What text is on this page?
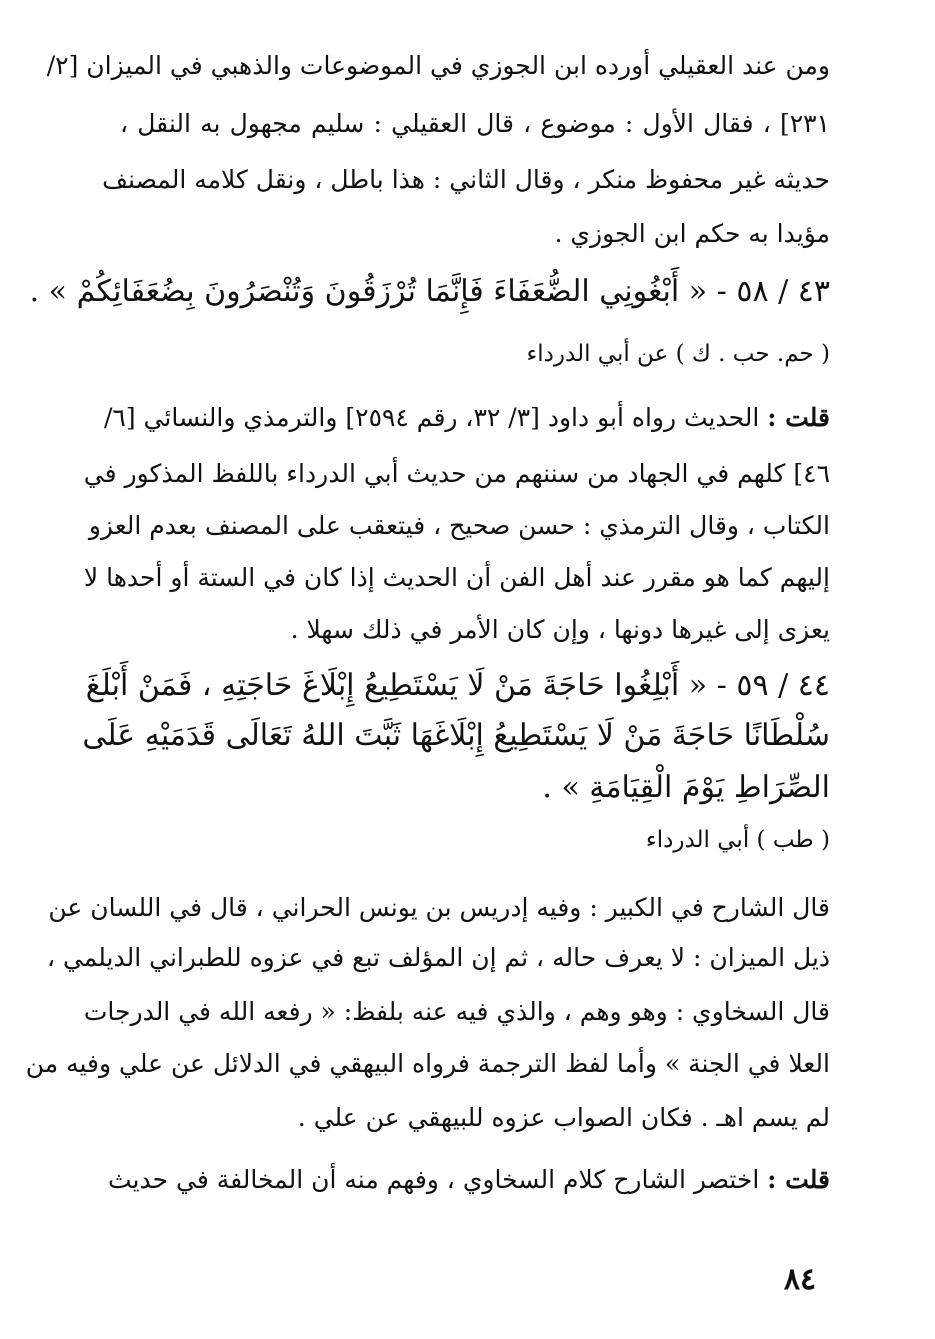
ومن عند العقيلي أورده ابن الجوزي في الموضوعات والذهبي في الميزان [٢/
٢٣١] ، فقال الأول : موضوع ، قال العقيلي : سليم مجهول به النقل ،
حديثه غير محفوظ منكر ، وقال الثاني : هذا باطل ، ونقل كلامه المصنف
مؤيدا به حكم ابن الجوزي .
٤٣ / ٥٨ - « أَبْغُونِي الضُّعَفَاءَ فَإِنَّمَا تُرْزَقُونَ وَتُنْصَرُونَ بِضُعَفَائِكُمْ » .
( حم. حب . ك ) عن أبي الدرداء
قلت : الحديث رواه أبو داود [٣/ ٣٢، رقم ٢٥٩٤] والترمذي والنسائي [٦/
٤٦] كلهم في الجهاد من سننهم من حديث أبي الدرداء باللفظ المذكور في
الكتاب ، وقال الترمذي : حسن صحيح ، فيتعقب على المصنف بعدم العزو
إليهم كما هو مقرر عند أهل الفن أن الحديث إذا كان في الستة أو أحدها لا
يعزى إلى غيرها دونها ، وإن كان الأمر في ذلك سهلا .
٤٤ / ٥٩ - « أَبْلِغُوا حَاجَةَ مَنْ لَا يَسْتَطِيعُ إِبْلَاغَ حَاجَتِهِ ، فَمَنْ أَبْلَغَ
سُلْطَانًا حَاجَةَ مَنْ لَا يَسْتَطِيعُ إِبْلَاغَهَا ثَبَّتَ اللهُ تَعَالَى قَدَمَيْهِ عَلَى
الصِّرَاطِ يَوْمَ الْقِيَامَةِ » .
( طب ) أبي الدرداء
قال الشارح في الكبير : وفيه إدريس بن يونس الحراني ، قال في اللسان عن
ذيل الميزان : لا يعرف حاله ، ثم إن المؤلف تبع في عزوه للطبراني الديلمي ،
قال السخاوي : وهو وهم ، والذي فيه عنه بلفظ: « رفعه الله في الدرجات
العلا في الجنة » وأما لفظ الترجمة فرواه البيهقي في الدلائل عن علي وفيه من
لم يسم اهـ . فكان الصواب عزوه للبيهقي عن علي .
قلت : اختصر الشارح كلام السخاوي ، وفهم منه أن المخالفة في حديث
٨٤
